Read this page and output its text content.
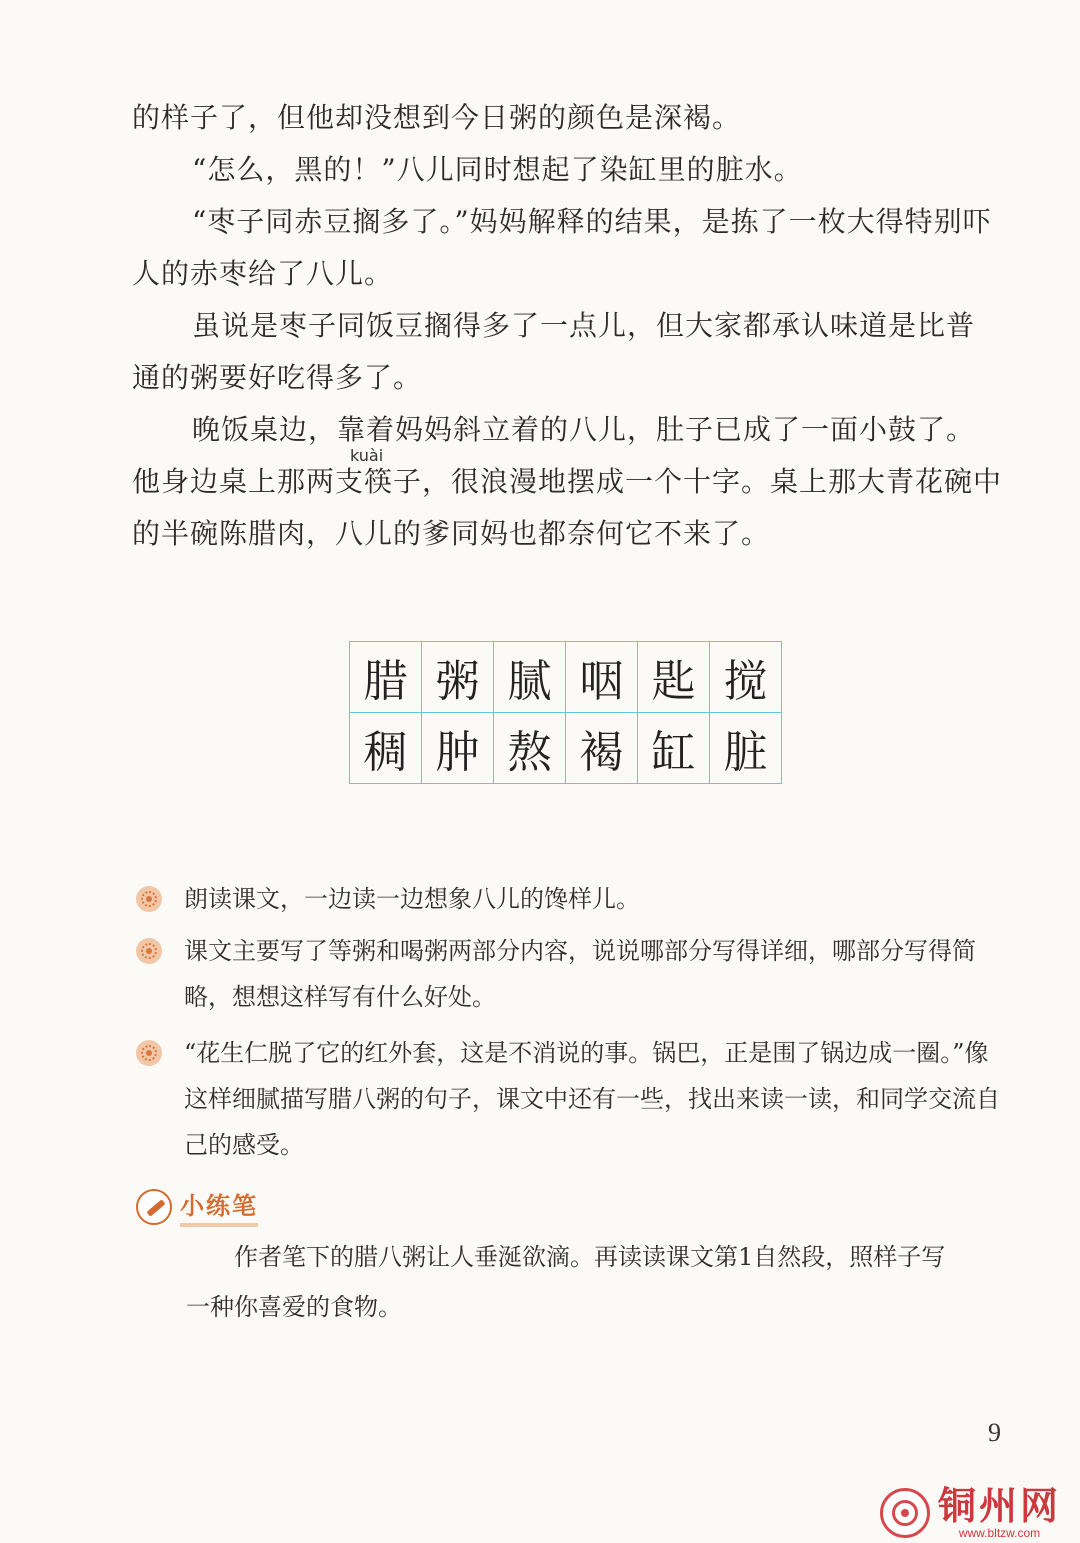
的样子了，但他却没想到今日粥的颜色是深褐。

“怎么，黑的！”八儿同时想起了染缸里的脏水。

“枣子同赤豆搁多了。”妈妈解释的结果，是拣了一枚大得特别吓人的赤枣给了八儿。

虽说是枣子同饭豆搁得多了一点儿，但大家都承认味道是比普通的粥要好吃得多了。

晚饭桌边，靠着妈妈斜立着的八儿，肚子已成了一面小鼓了。他身边桌上那两支筷子，很浪漫地摆成一个十字。桌上那大青花碗中的半碗陈腊肉，八儿的爹同妈也都奈何它不来了。

kuài
腊	粥	腻	咽	匙	搅
稠	肿	熬	褐	缸	脏
朗读课文，一边读一边想象八儿的馋样儿。
课文主要写了等粥和喝粥两部分内容，说说哪部分写得详细，哪部分写得简略，想想这样写有什么好处。
“花生仁脱了它的红外套，这是不消说的事。锅巴，正是围了锅边成一圈。”像这样细腻描写腊八粥的句子，课文中还有一些，找出来读一读，和同学交流自己的感受。
小练笔
作者笔下的腊八粥让人垂涎欲滴。再读读课文第1自然段，照样子写
一种你喜爱的食物。
9
铜州网
www.bltzw.com
